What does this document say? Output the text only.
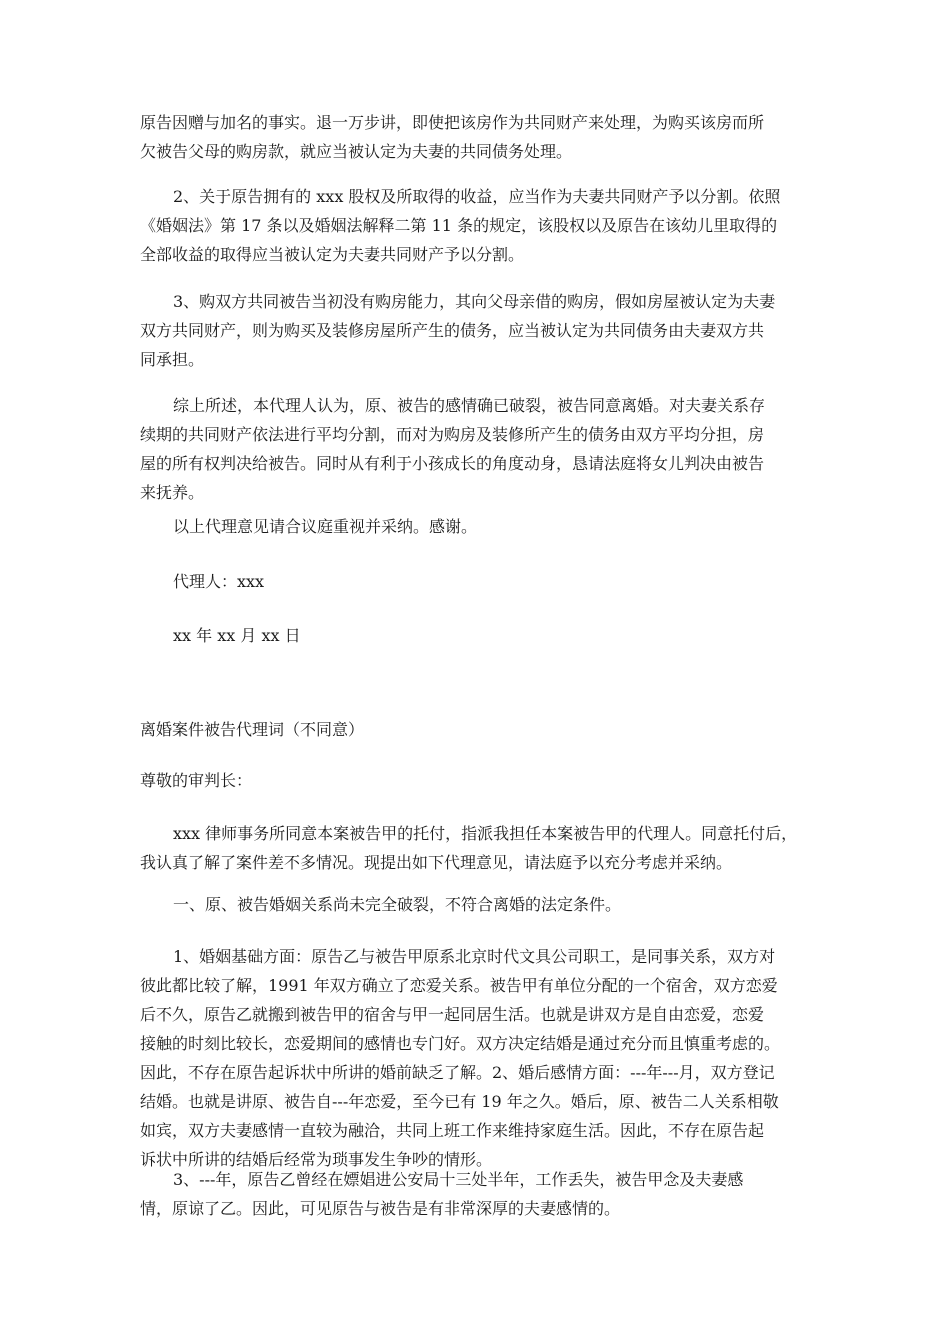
原告因赠与加名的事实。退一万步讲，即使把该房作为共同财产来处理，为购买该房而所
欠被告父母的购房款，就应当被认定为夫妻的共同债务处理。
2、关于原告拥有的 xxx 股权及所取得的收益，应当作为夫妻共同财产予以分割。依照
《婚姻法》第 17 条以及婚姻法解释二第 11 条的规定，该股权以及原告在该幼儿里取得的
全部收益的取得应当被认定为夫妻共同财产予以分割。
3、购双方共同被告当初没有购房能力，其向父母亲借的购房，假如房屋被认定为夫妻
双方共同财产，则为购买及装修房屋所产生的债务，应当被认定为共同债务由夫妻双方共
同承担。
综上所述，本代理人认为，原、被告的感情确已破裂，被告同意离婚。对夫妻关系存
续期的共同财产依法进行平均分割，而对为购房及装修所产生的债务由双方平均分担，房
屋的所有权判决给被告。同时从有利于小孩成长的角度动身，恳请法庭将女儿判决由被告
来抚养。
以上代理意见请合议庭重视并采纳。感谢。
代理人：xxx
xx 年 xx 月 xx 日
离婚案件被告代理词（不同意）
尊敬的审判长：
xxx 律师事务所同意本案被告甲的托付，指派我担任本案被告甲的代理人。同意托付后，
我认真了解了案件差不多情况。现提出如下代理意见，请法庭予以充分考虑并采纳。
一、原、被告婚姻关系尚未完全破裂，不符合离婚的法定条件。
1、婚姻基础方面：原告乙与被告甲原系北京时代文具公司职工，是同事关系，双方对
彼此都比较了解，1991 年双方确立了恋爱关系。被告甲有单位分配的一个宿舍，双方恋爱
后不久，原告乙就搬到被告甲的宿舍与甲一起同居生活。也就是讲双方是自由恋爱，恋爱
接触的时刻比较长，恋爱期间的感情也专门好。双方决定结婚是通过充分而且慎重考虑的。
因此，不存在原告起诉状中所讲的婚前缺乏了解。2、婚后感情方面：---年---月，双方登记
结婚。也就是讲原、被告自---年恋爱，至今已有 19 年之久。婚后，原、被告二人关系相敬
如宾，双方夫妻感情一直较为融洽，共同上班工作来维持家庭生活。因此，不存在原告起
诉状中所讲的结婚后经常为琐事发生争吵的情形。
3、---年，原告乙曾经在嫖娼进公安局十三处半年，工作丢失，被告甲念及夫妻感
情，原谅了乙。因此，可见原告与被告是有非常深厚的夫妻感情的。
